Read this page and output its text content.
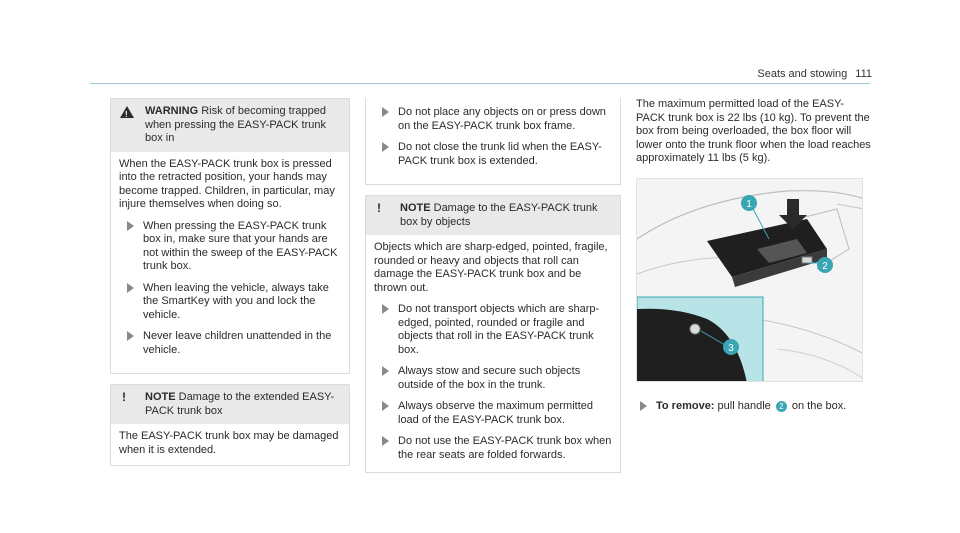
Seats and stowing 111
!
WARNING Risk of becoming trapped when pressing the EASY-PACK trunk box in

When the EASY-PACK trunk box is pressed into the retracted position, your hands may become trapped. Children, in particular, may injure themselves when doing so.

When pressing the EASY-PACK trunk box in, make sure that your hands are not within the sweep of the EASY-PACK trunk box.
When leaving the vehicle, always take the SmartKey with you and lock the vehicle.
Never leave children unattended in the vehicle.
! NOTE Damage to the extended EASY-PACK trunk box

The EASY-PACK trunk box may be damaged when it is extended.

Do not place any objects on or press down on the EASY-PACK trunk box frame.
Do not close the trunk lid when the EASY-PACK trunk box is extended.
! NOTE Damage to the EASY-PACK trunk box by objects

Objects which are sharp-edged, pointed, fragile, rounded or heavy and objects that roll can damage the EASY-PACK trunk box and be thrown out.

Do not transport objects which are sharp-edged, pointed, rounded or fragile and objects that roll in the EASY-PACK trunk box.
Always stow and secure such objects outside of the box in the trunk.
Always observe the maximum permitted load of the EASY-PACK trunk box.
Do not use the EASY-PACK trunk box when the rear seats are folded forwards.

The maximum permitted load of the EASY-PACK trunk box is 22 lbs (10 kg). To prevent the box from being overloaded, the box floor will lower onto the trunk floor when the load reaches approximately 11 lbs (5 kg).

1
2
3
To remove: pull handle 2 on the box.
